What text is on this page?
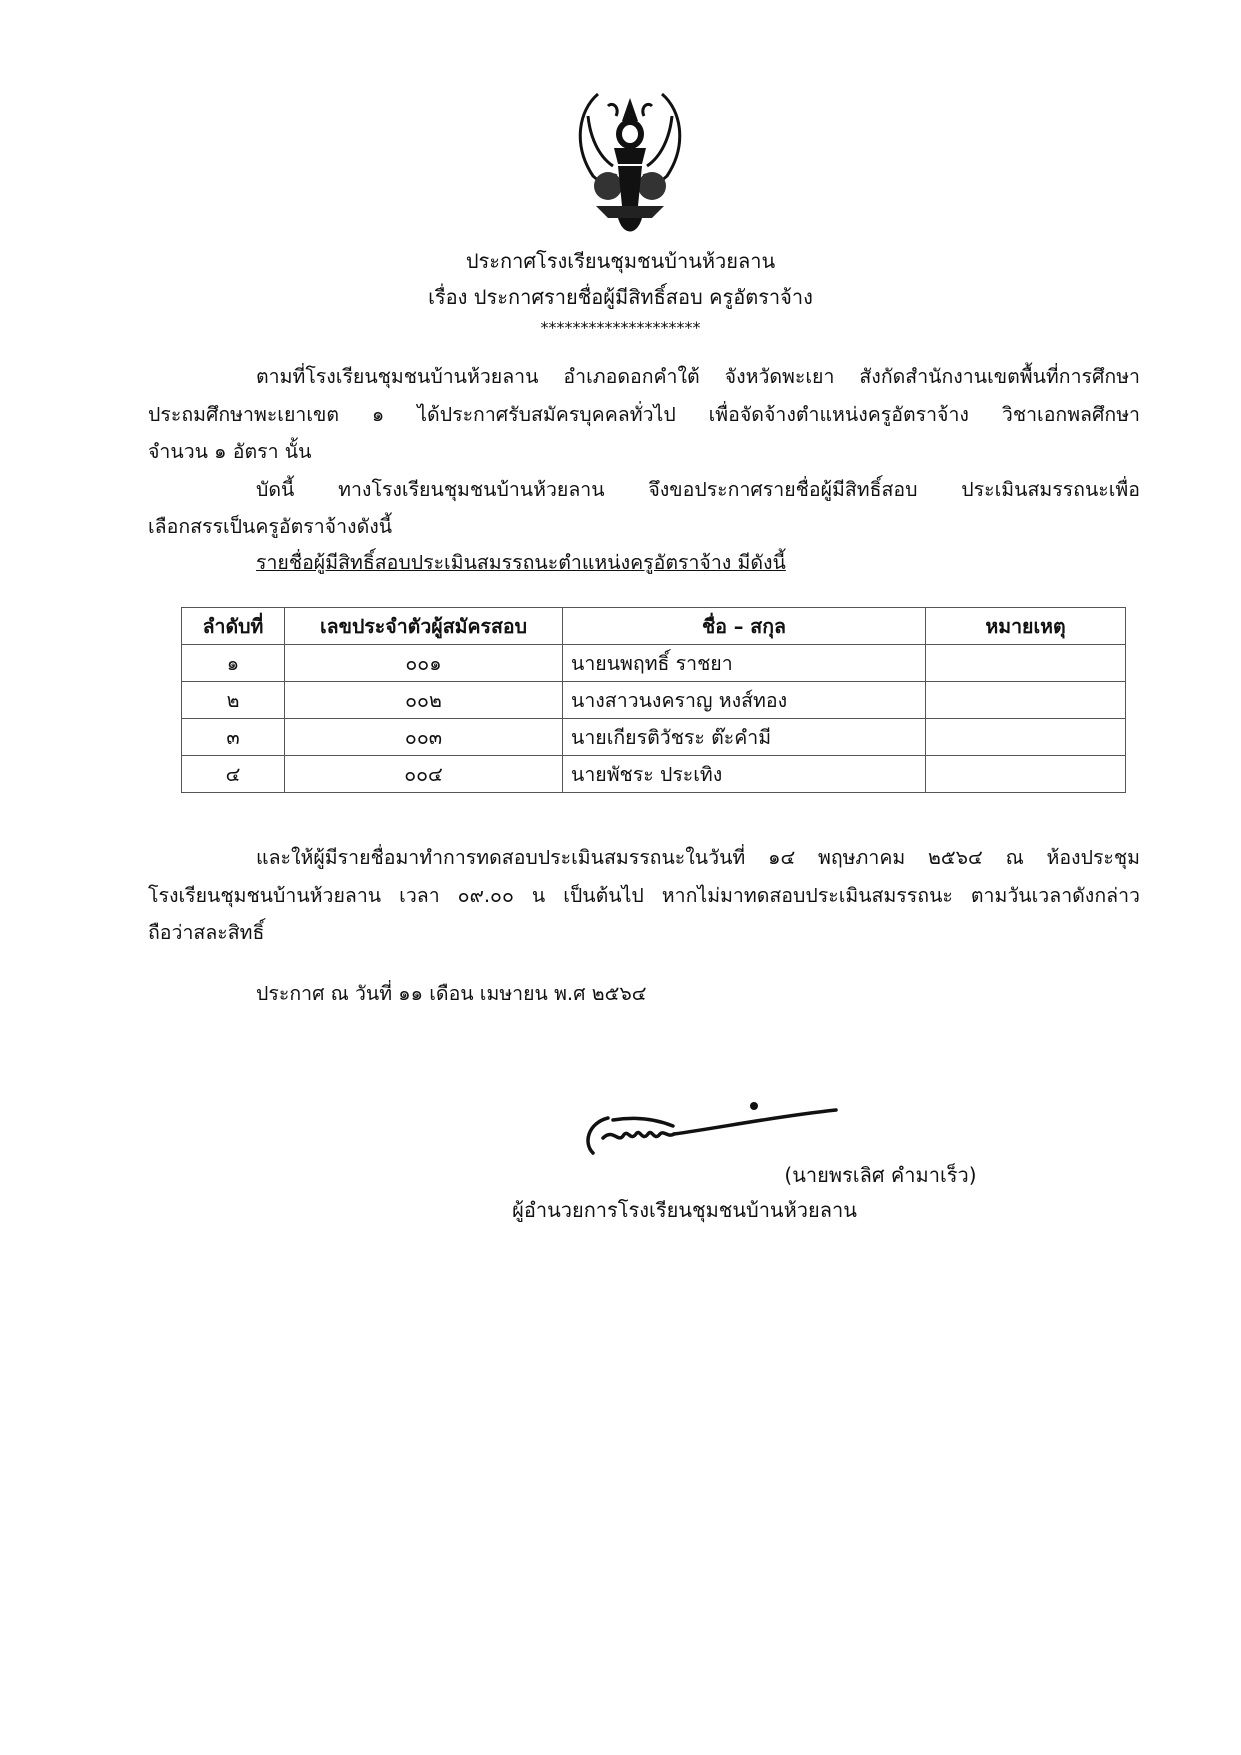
ประกาศโรงเรียนชุมชนบ้านห้วยลาน
เรื่อง ประกาศรายชื่อผู้มีสิทธิ์สอบ ครูอัตราจ้าง
********************
ตามที่โรงเรียนชุมชนบ้านห้วยลาน อำเภอดอกคำใต้ จังหวัดพะเยา สังกัดสำนักงานเขตพื้นที่การศึกษา
ประถมศึกษาพะเยาเขต ๑ ได้ประกาศรับสมัครบุคคลทั่วไป เพื่อจัดจ้างตำแหน่งครูอัตราจ้าง วิชาเอกพลศึกษา
จำนวน ๑ อัตรา นั้น
บัดนี้ ทางโรงเรียนชุมชนบ้านห้วยลาน จึงขอประกาศรายชื่อผู้มีสิทธิ์สอบ ประเมินสมรรถนะเพื่อ
เลือกสรรเป็นครูอัตราจ้างดังนี้
รายชื่อผู้มีสิทธิ์สอบประเมินสมรรถนะตำแหน่งครูอัตราจ้าง มีดังนี้
ลำดับที่	เลขประจำตัวผู้สมัครสอบ	ชื่อ – สกุล	หมายเหตุ
๑	๐๐๑	นายนพฤทธิ์ ราชยา	
๒	๐๐๒	นางสาวนงคราญ หงส์ทอง	
๓	๐๐๓	นายเกียรติวัชระ ต๊ะคำมี	
๔	๐๐๔	นายพัชระ ประเทิง	
และให้ผู้มีรายชื่อมาทำการทดสอบประเมินสมรรถนะในวันที่ ๑๔ พฤษภาคม ๒๕๖๔ ณ ห้องประชุม
โรงเรียนชุมชนบ้านห้วยลาน เวลา ๐๙.๐๐ น เป็นต้นไป หากไม่มาทดสอบประเมินสมรรถนะ ตามวันเวลาดังกล่าว
ถือว่าสละสิทธิ์
ประกาศ ณ วันที่ ๑๑ เดือน เมษายน พ.ศ ๒๕๖๔
(นายพรเลิศ คำมาเร็ว)
ผู้อำนวยการโรงเรียนชุมชนบ้านห้วยลาน
